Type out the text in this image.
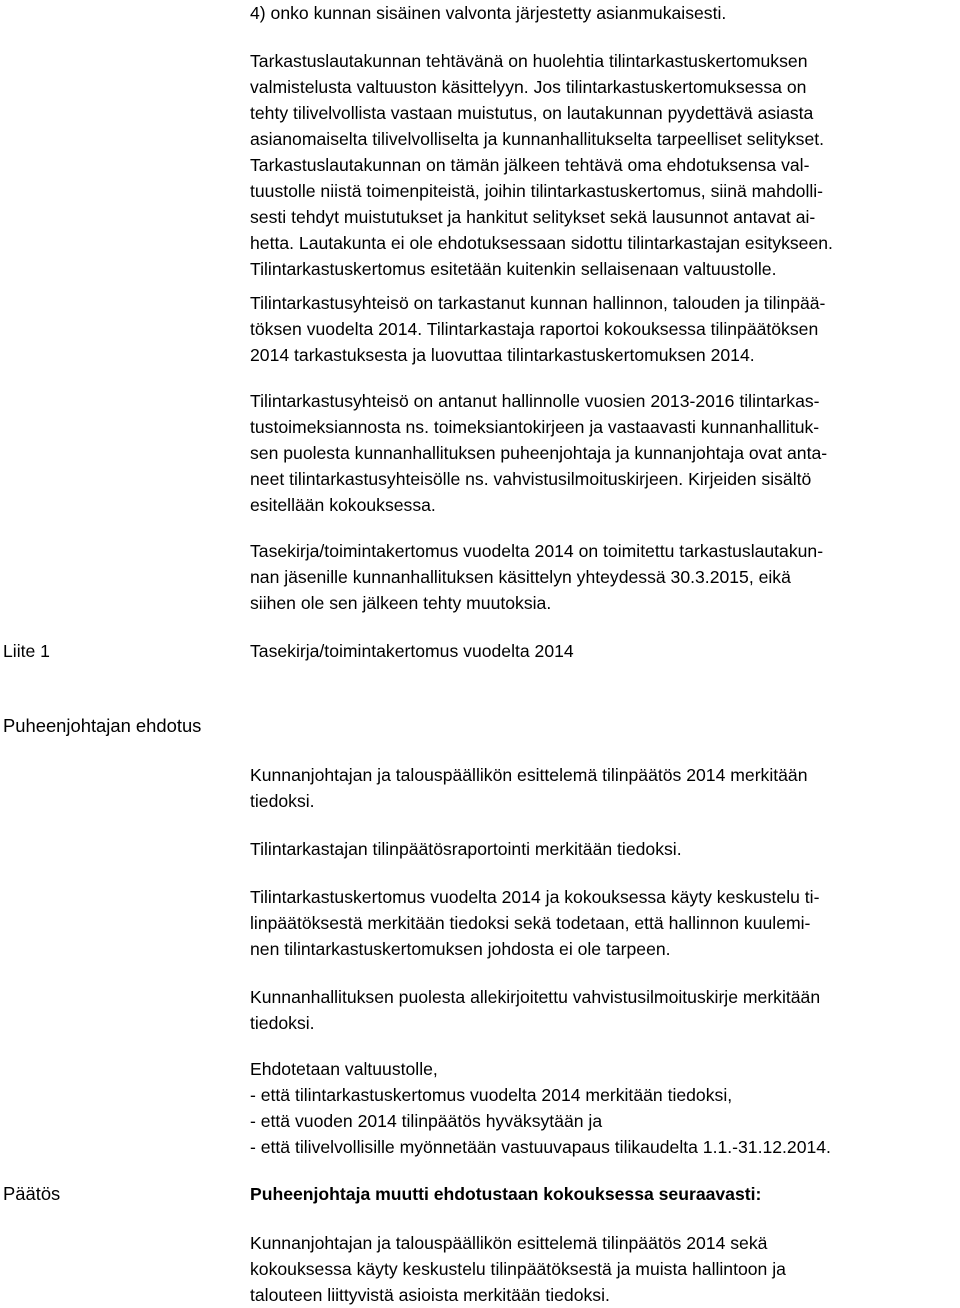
4) onko kunnan sisäinen valvonta järjestetty asianmukaisesti.
Tarkastuslautakunnan tehtävänä on huolehtia tilintarkastuskertomuksen
valmistelusta valtuuston käsittelyyn. Jos tilintarkastuskertomuksessa on
tehty tilivelvollista vastaan muistutus, on lautakunnan pyydettävä asiasta
asianomaiselta tilivelvolliselta ja kunnanhallitukselta tarpeelliset selitykset.
Tarkastuslautakunnan on tämän jälkeen tehtävä oma ehdotuksensa val-
tuustolle niistä toimenpiteistä, joihin tilintarkastuskertomus, siinä mahdolli-
sesti tehdyt muistutukset ja hankitut selitykset sekä lausunnot antavat ai-
hetta. Lautakunta ei ole ehdotuksessaan sidottu tilintarkastajan esitykseen.
Tilintarkastuskertomus esitetään kuitenkin sellaisenaan valtuustolle.
Tilintarkastusyhteisö on tarkastanut kunnan hallinnon, talouden ja tilinpää-
töksen vuodelta 2014. Tilintarkastaja raportoi kokouksessa tilinpäätöksen
2014 tarkastuksesta ja luovuttaa tilintarkastuskertomuksen 2014.
Tilintarkastusyhteisö on antanut hallinnolle vuosien 2013-2016 tilintarkas-
tustoimeksiannosta ns. toimeksiantokirjeen ja vastaavasti kunnanhallituk-
sen puolesta kunnanhallituksen puheenjohtaja ja kunnanjohtaja ovat anta-
neet tilintarkastusyhteisölle ns. vahvistusilmoituskirjeen. Kirjeiden sisältö
esitellään kokouksessa.
Tasekirja/toimintakertomus vuodelta 2014 on toimitettu tarkastuslautakun-
nan jäsenille kunnanhallituksen käsittelyn yhteydessä 30.3.2015, eikä
siihen ole sen jälkeen tehty muutoksia.
Liite 1	Tasekirja/toimintakertomus vuodelta 2014
Puheenjohtajan ehdotus
Kunnanjohtajan ja talouspäällikön esittelemä tilinpäätös 2014 merkitään
tiedoksi.
Tilintarkastajan tilinpäätösraportointi merkitään tiedoksi.
Tilintarkastuskertomus vuodelta 2014 ja kokouksessa käyty keskustelu ti-
linpäätöksestä merkitään tiedoksi sekä todetaan, että hallinnon kuulemi-
nen tilintarkastuskertomuksen johdosta ei ole tarpeen.
Kunnanhallituksen puolesta allekirjoitettu vahvistusilmoituskirje merkitään
tiedoksi.
Ehdotetaan valtuustolle,
- että tilintarkastuskertomus vuodelta 2014 merkitään tiedoksi,
- että vuoden 2014 tilinpäätös hyväksytään ja
- että tilivelvollisille myönnetään vastuuvapaus tilikaudelta 1.1.-31.12.2014.
Päätös	Puheenjohtaja muutti ehdotustaan kokouksessa seuraavasti:
Kunnanjohtajan ja talouspäällikön esittelemä tilinpäätös 2014 sekä
kokouksessa käyty keskustelu tilinpäätöksestä ja muista hallintoon ja
talouteen liittyvistä asioista merkitään tiedoksi.
